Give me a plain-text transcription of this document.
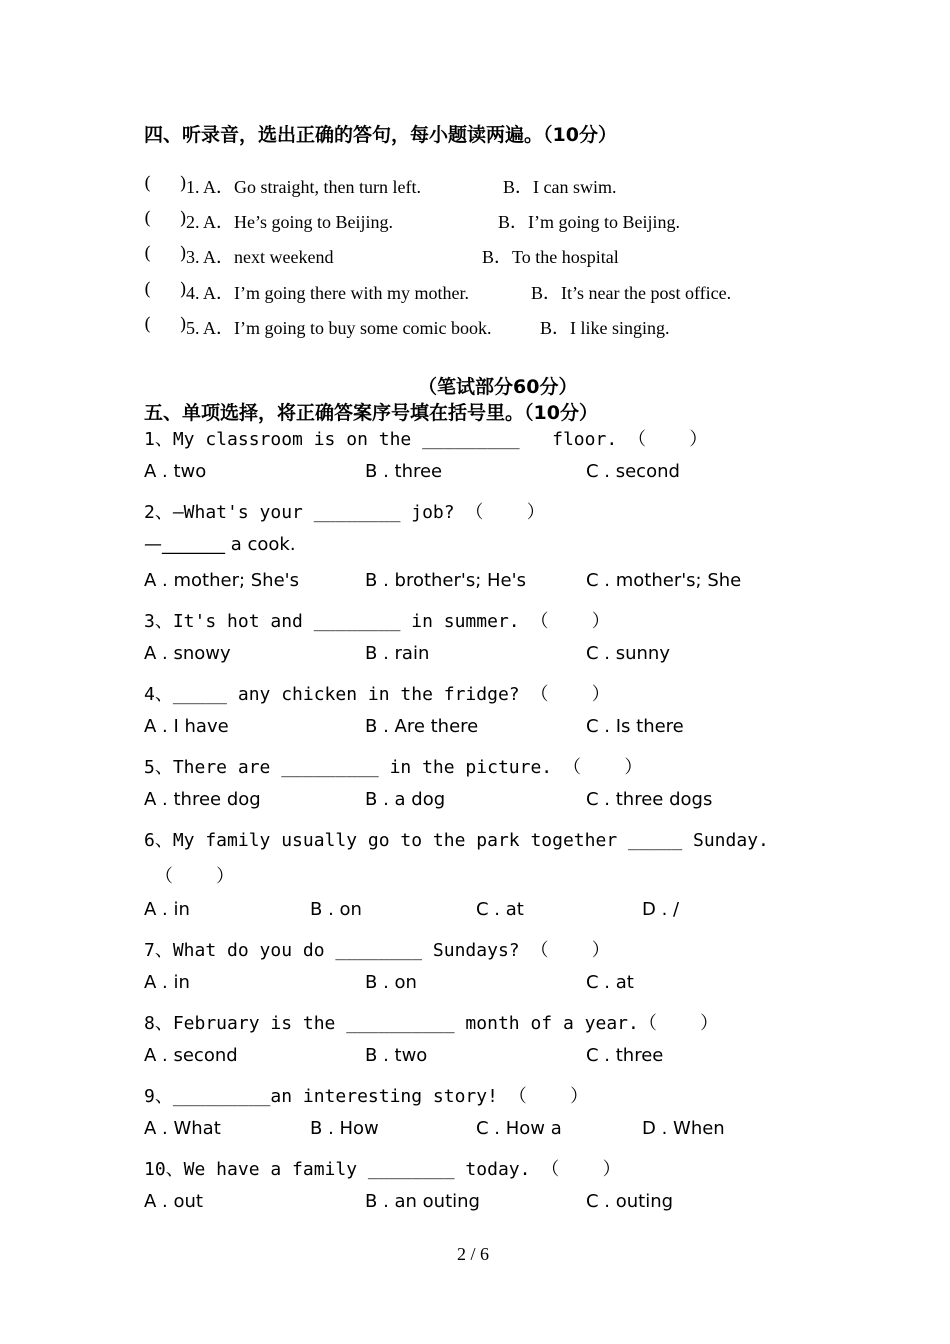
四、听录音，选出正确的答句，每小题读两遍。（10分）
(     ) 1. A．Go straight, then turn left.	B．I can swim.
(     ) 2. A．He’s going to Beijing.	B．I’m going to Beijing.
(     ) 3. A．next weekend	B．To the hospital
(     ) 4. A．I’m going there with my mother.	B．It’s near the post office.
(     ) 5. A．I’m going to buy some comic book.	B．I like singing.
（笔试部分60分）
五、单项选择，将正确答案序号填在括号里。（10分）
1、My classroom is on the _________   floor. （    ）
A . two	B . three	C . second
2、—What's your ________ job? （    ）
—_______ a cook.
A . mother; She's	B . brother's; He's	C . mother's; She
3、It's hot and ________ in summer. （    ）
A . snowy	B . rain	C . sunny
4、_____ any chicken in the fridge? （    ）
A . I have	B . Are there	C . Is there
5、There are _________ in the picture. （    ）
A . three dog	B . a dog	C . three dogs
6、My family usually go to the park together _____ Sunday.
（    ）
A . in	B . on	C . at	D . /
7、What do you do ________ Sundays? （    ）
A . in	B . on	C . at
8、February is the __________ month of a year.（    ）
A . second	B . two	C . three
9、_________an interesting story! （    ）
A . What	B . How	C . How a	D . When
10、We have a family ________ today. （    ）
A . out	B . an outing	C . outing
2 / 6
